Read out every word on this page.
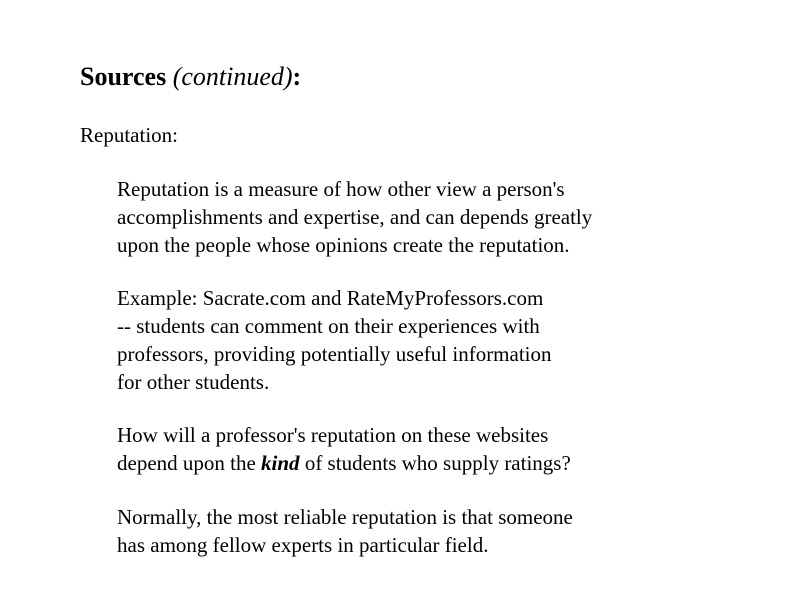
Sources (continued):
Reputation:
Reputation is a measure of how other view a person's
accomplishments and expertise, and can depends greatly
upon the people whose opinions create the reputation.
Example: Sacrate.com and RateMyProfessors.com
-- students can comment on their experiences with
professors, providing potentially useful information
for other students.
How will a professor's reputation on these websites
depend upon the kind of students who supply ratings?
Normally, the most reliable reputation is that someone
has among fellow experts in particular field.
